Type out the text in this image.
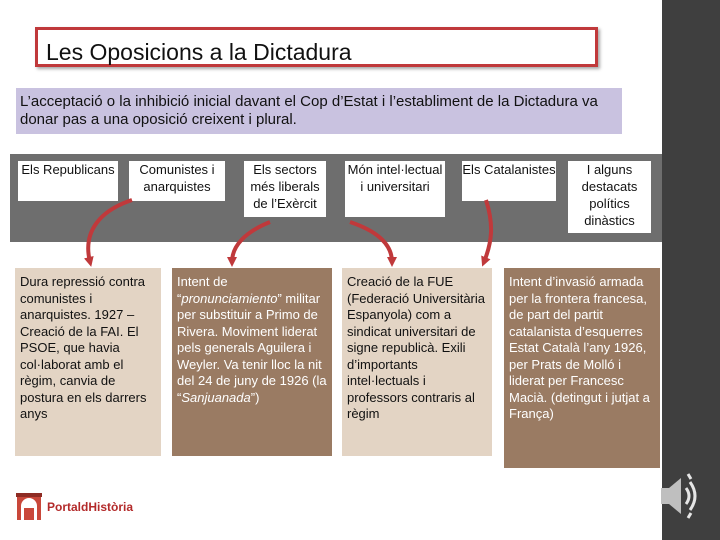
Les Oposicions a la Dictadura
L’acceptació o la inhibició inicial davant el Cop d’Estat i l’establiment de la Dictadura va donar pas a una oposició creixent i plural.
Els Republicans	Comunistes i anarquistes
Els sectors més liberals de l’Exèrcit
Món intel·lectual i universitari
Els Catalanistes	I alguns destacats polítics dinàstics
Dura repressió contra comunistes i anarquistes. 1927 – Creació de la FAI. El PSOE, que havia col·laborat amb el règim, canvia de postura en els darrers anys
Intent de “pronunciamiento” militar per substituir a Primo de Rivera. Moviment liderat pels generals Aguilera i Weyler. Va tenir lloc la nit del 24 de juny de 1926 (la “Sanjuanada”)
Creació de la FUE (Federació Universitària Espanyola) com a sindicat universitari de signe republicà. Exili d’importants intel·lectuals i professors contraris al règim
Intent d’invasió armada per la frontera francesa, de part del partit catalanista d’esquerres Estat Català l’any 1926, per Prats de Molló i liderat per Francesc Macià. (detingut i jutjat a França)
PortaldHistòria
